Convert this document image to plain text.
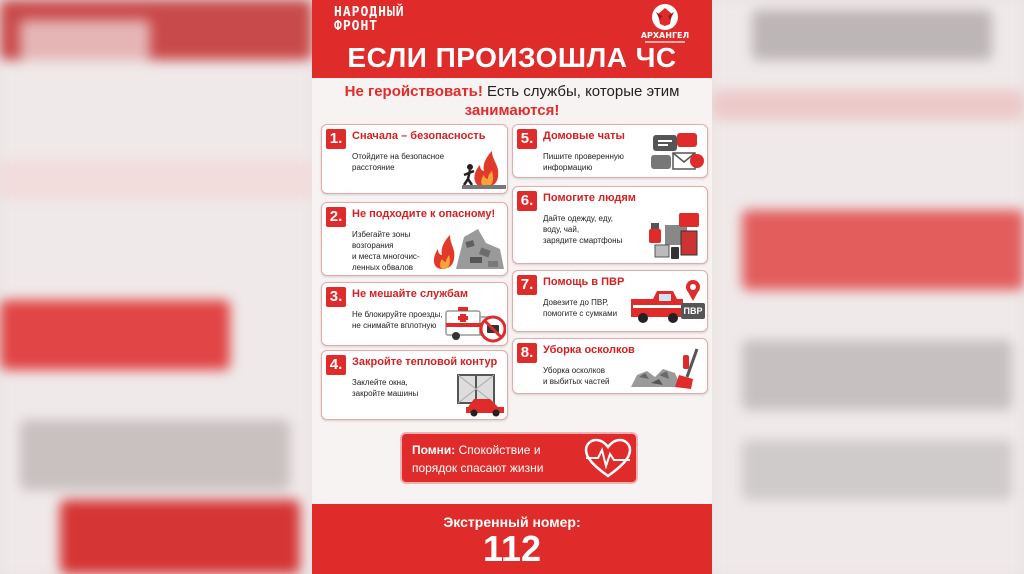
НАРОДНЫЙ
ФРОНТ
АРХАНГЕЛ
ЕСЛИ ПРОИЗОШЛА ЧС
Не геройствовать! Есть службы, которые этим занимаются!
1. Сначала – безопасность
Отойдите на безопасное
расстояние
2. Не подходите к опасному!
Избегайте зоны
возгорания
и места многочис-
ленных обвалов
3. Не мешайте службам
Не блокируйте проезды,
не снимайте вплотную
4. Закройте тепловой контур
Заклейте окна,
закройте машины
5. Домовые чаты
Пишите проверенную
информацию
6. Помогите людям
Дайте одежду, еду,
воду, чай,
зарядите смартфоны
7. Помощь в ПВР
Довезите до ПВР,
помогите с сумками	ПВР
8. Уборка осколков
Уборка осколков
и выбитых частей
Помни: Спокойствие и порядок спасают жизни
Экстренный номер:
112
